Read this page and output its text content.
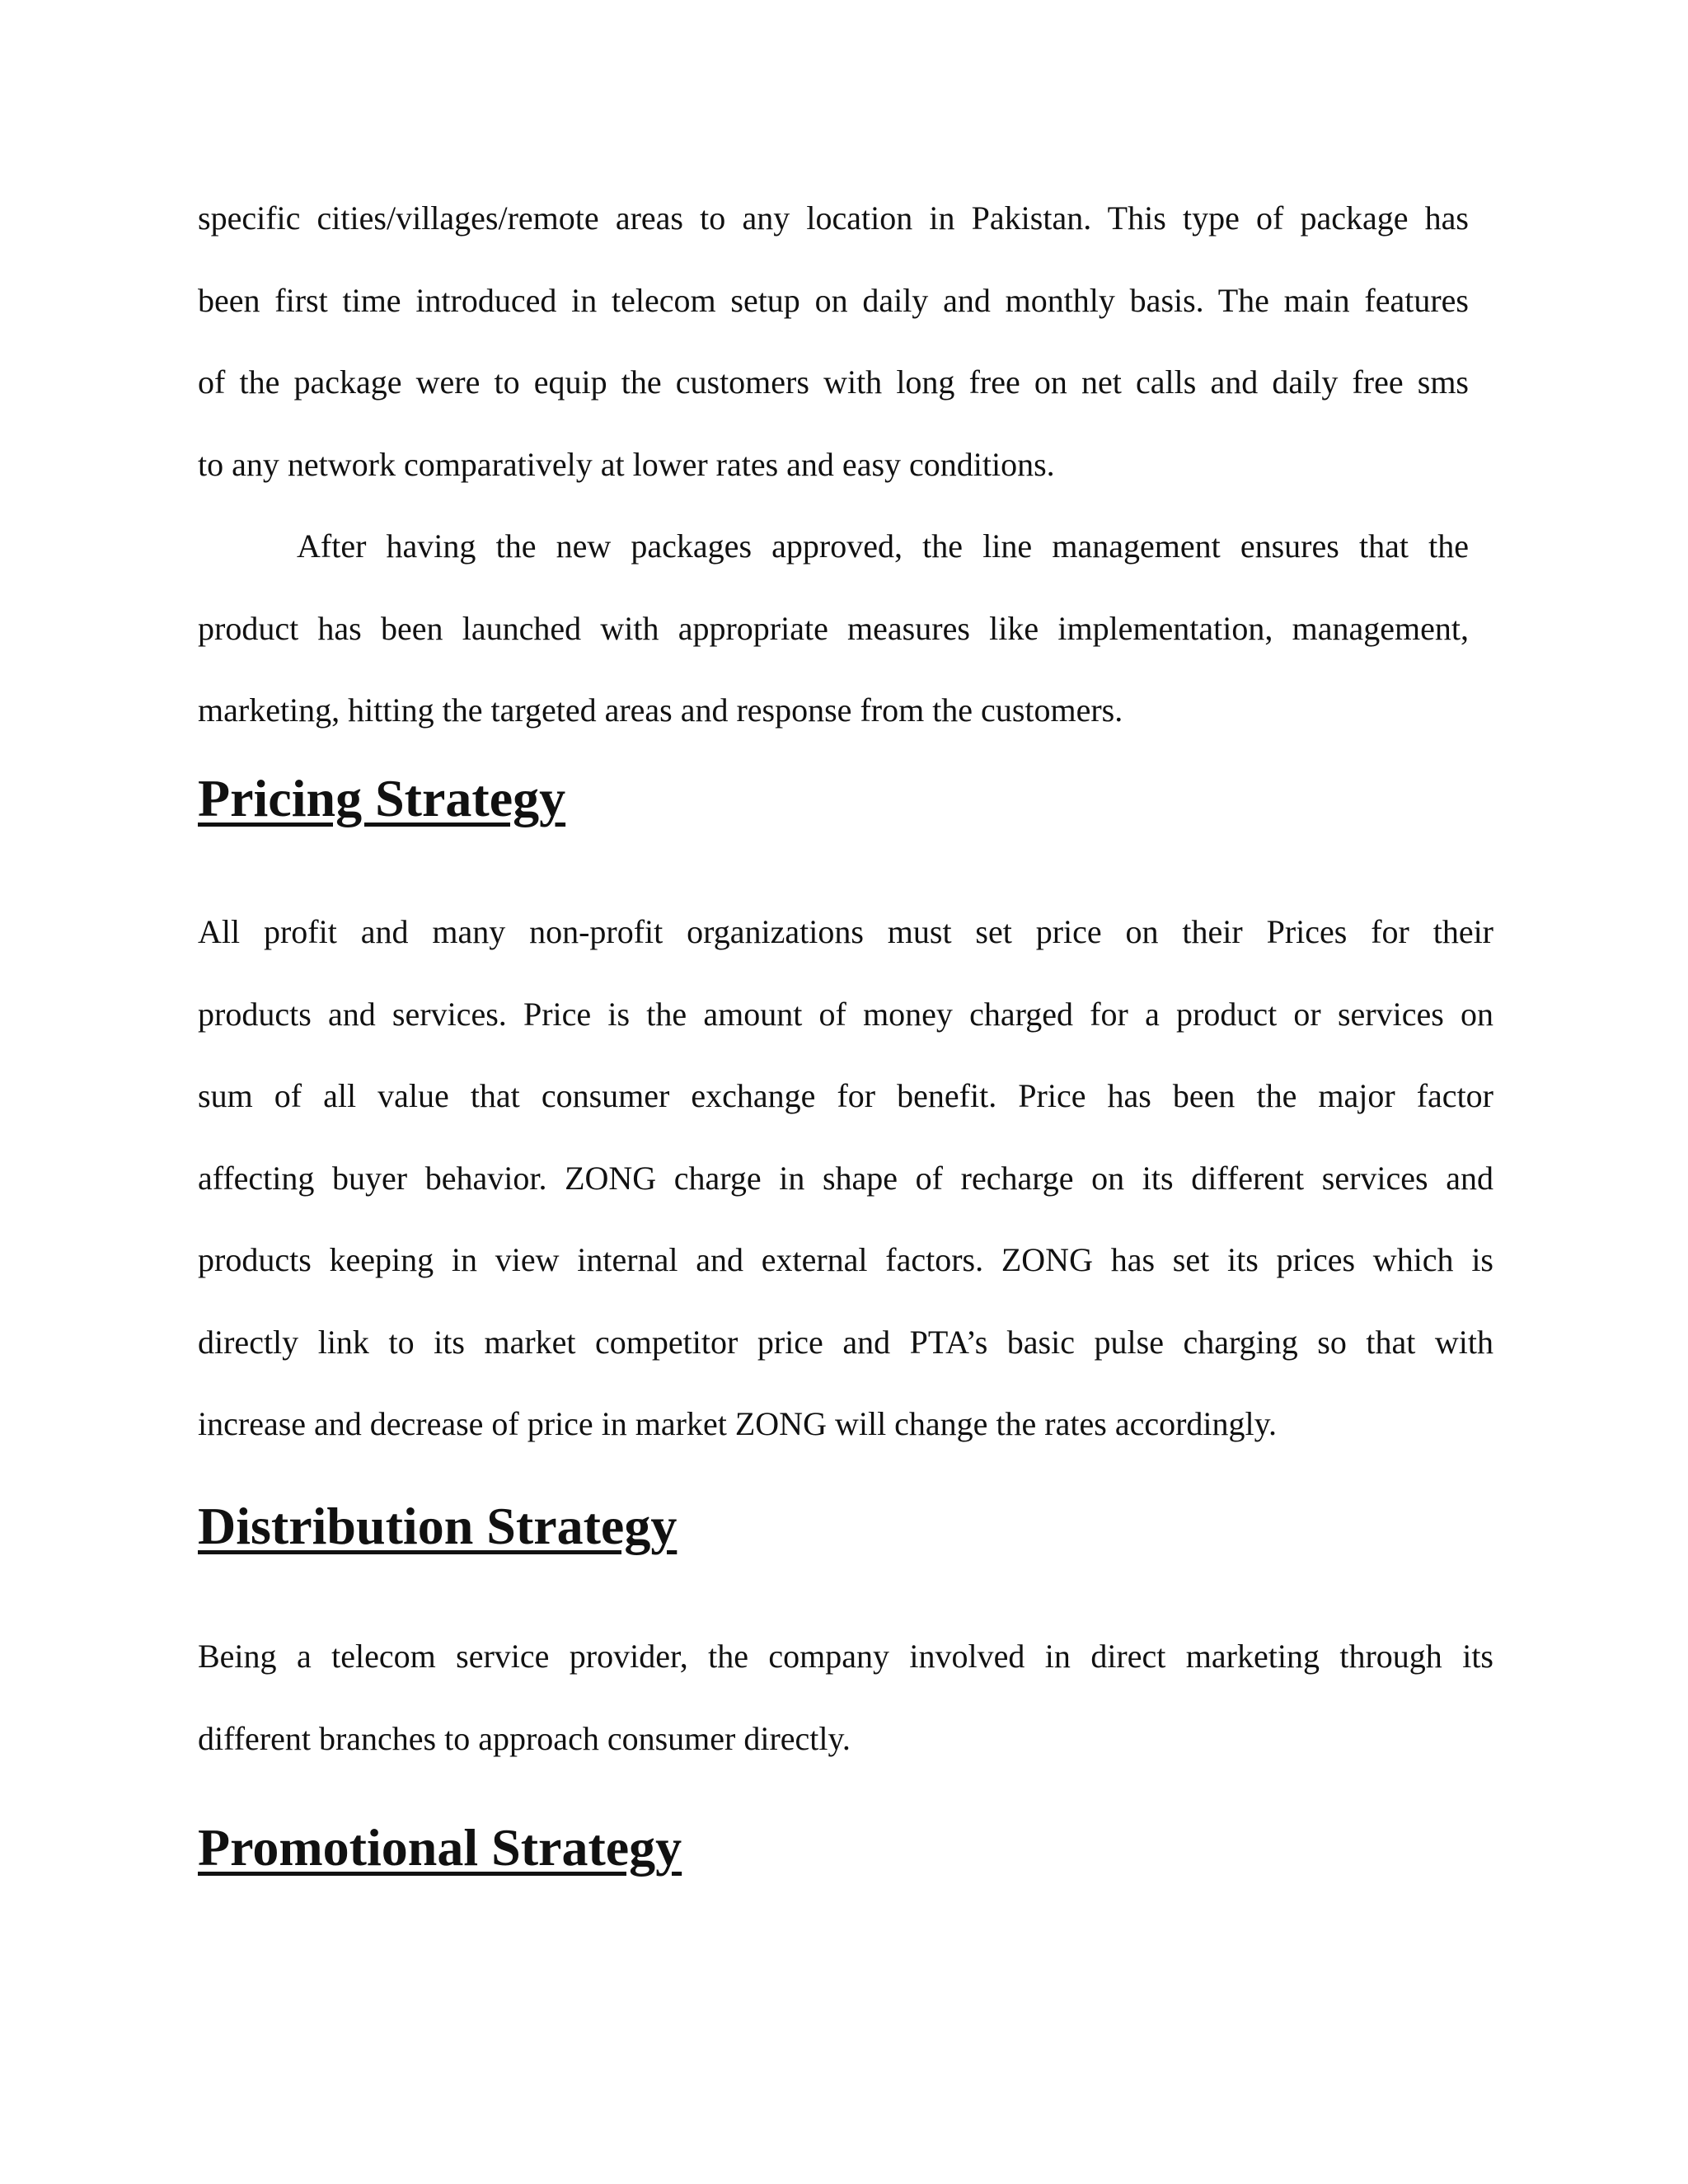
specific cities/villages/remote areas to any location in Pakistan. This type of package has
been first time introduced in telecom setup on daily and monthly basis. The main features
of the package were to equip the customers with long free on net calls and daily free sms
to any network comparatively at lower rates and easy conditions.
After having the new packages approved, the line management ensures that the
product has been launched with appropriate measures like implementation, management,
marketing, hitting the targeted areas and response from the customers.
Pricing Strategy
All profit and many non-profit organizations must set price on their Prices for their
products and services. Price is the amount of money charged for a product or services on
sum of all value that consumer exchange for benefit. Price has been the major factor
affecting buyer behavior. ZONG charge in shape of recharge on its different services and
products keeping in view internal and external factors. ZONG has set its prices which is
directly link to its market competitor price and PTA’s basic pulse charging so that with
increase and decrease of price in market ZONG will change the rates accordingly.
Distribution Strategy
Being a telecom service provider, the company involved in direct marketing through its
different branches to approach consumer directly.
Promotional Strategy
